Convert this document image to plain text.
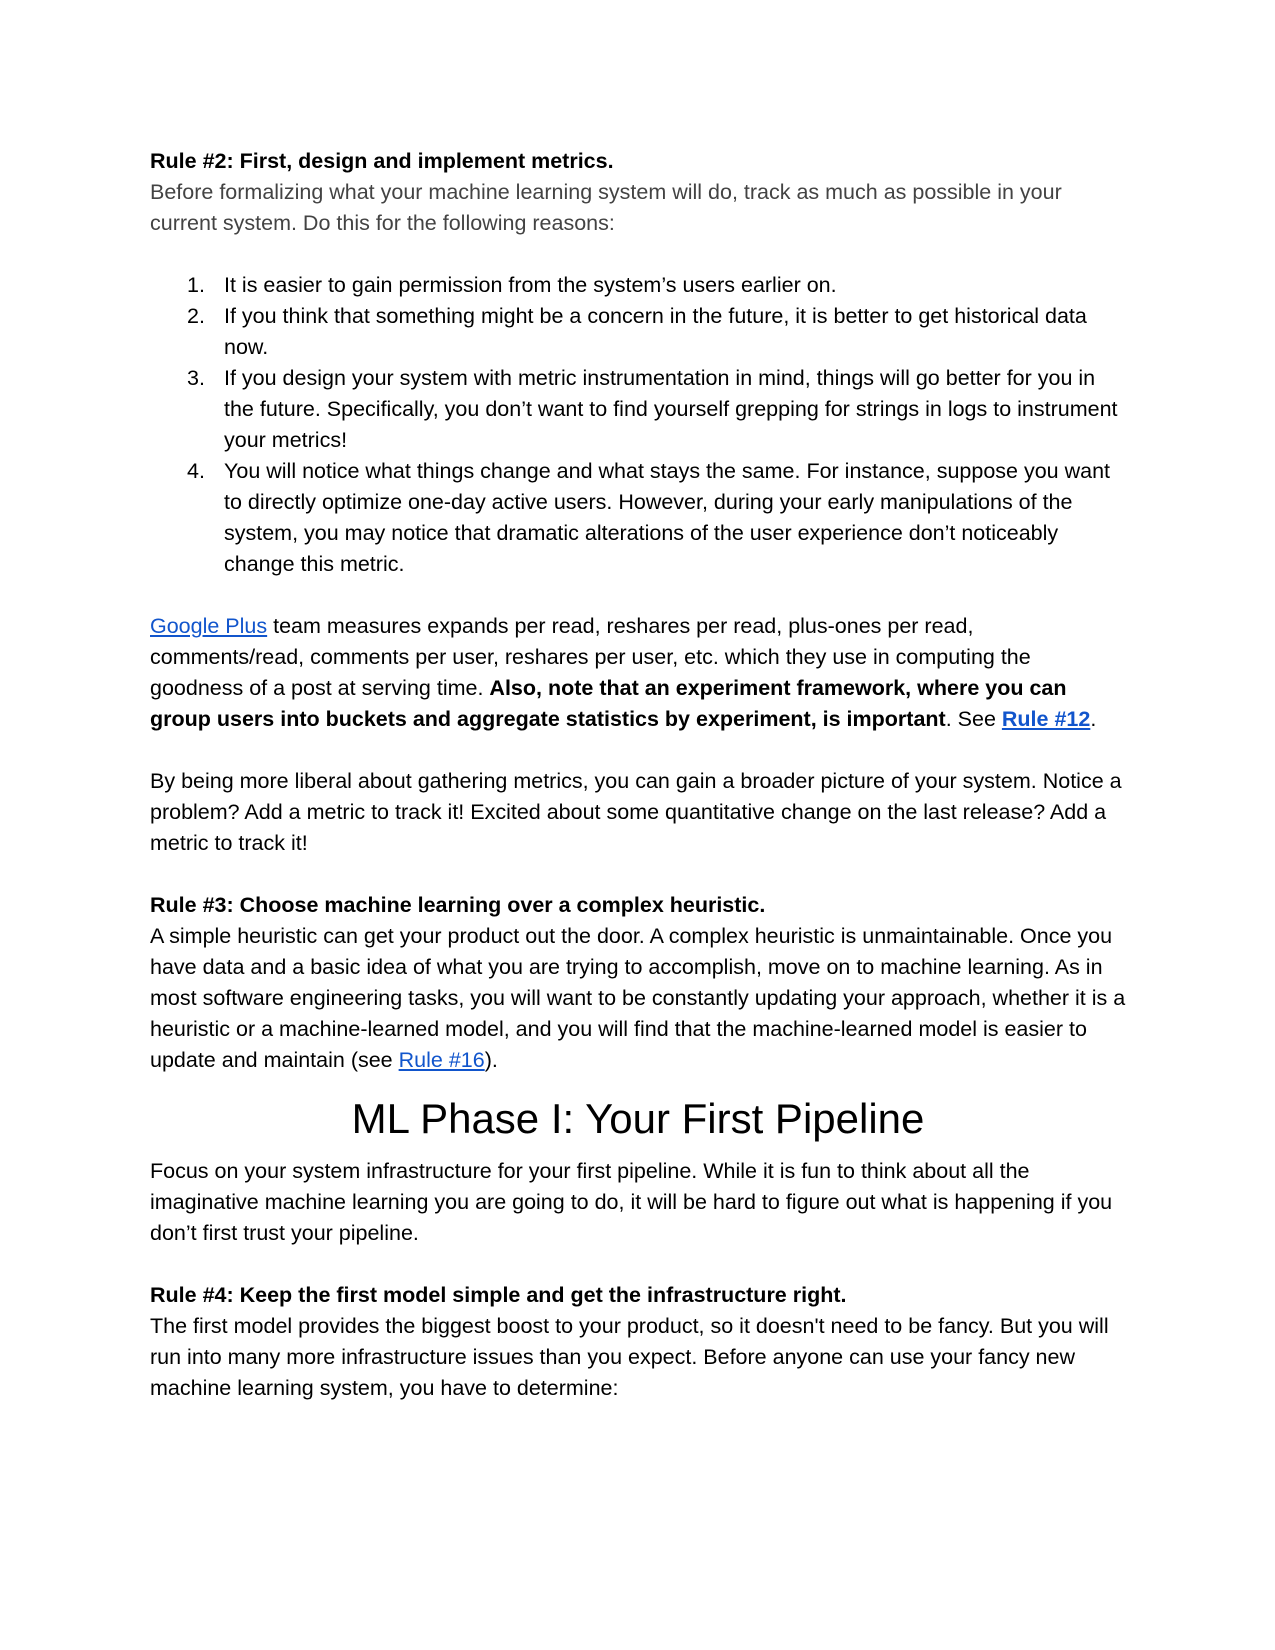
Rule #2: First, design and implement metrics.

Before formalizing what your machine learning system will do, track as much as possible in your current system. Do this for the following reasons:

1. It is easier to gain permission from the system’s users earlier on.
2. If you think that something might be a concern in the future, it is better to get historical data now.
3. If you design your system with metric instrumentation in mind, things will go better for you in the future. Specifically, you don’t want to find yourself grepping for strings in logs to instrument your metrics!
4. You will notice what things change and what stays the same. For instance, suppose you want to directly optimize one-day active users. However, during your early manipulations of the system, you may notice that dramatic alterations of the user experience don’t noticeably change this metric.

Google Plus team measures expands per read, reshares per read, plus-ones per read, comments/read, comments per user, reshares per user, etc. which they use in computing the goodness of a post at serving time. Also, note that an experiment framework, where you can group users into buckets and aggregate statistics by experiment, is important. See Rule #12.

By being more liberal about gathering metrics, you can gain a broader picture of your system. Notice a problem? Add a metric to track it! Excited about some quantitative change on the last release? Add a metric to track it!

Rule #3: Choose machine learning over a complex heuristic.

A simple heuristic can get your product out the door. A complex heuristic is unmaintainable. Once you have data and a basic idea of what you are trying to accomplish, move on to machine learning. As in most software engineering tasks, you will want to be constantly updating your approach, whether it is a heuristic or a machine-learned model, and you will find that the machine-learned model is easier to update and maintain (see Rule #16).

ML Phase I: Your First Pipeline

Focus on your system infrastructure for your first pipeline. While it is fun to think about all the imaginative machine learning you are going to do, it will be hard to figure out what is happening if you don’t first trust your pipeline.

Rule #4: Keep the first model simple and get the infrastructure right.

The first model provides the biggest boost to your product, so it doesn't need to be fancy. But you will run into many more infrastructure issues than you expect. Before anyone can use your fancy new machine learning system, you have to determine:
